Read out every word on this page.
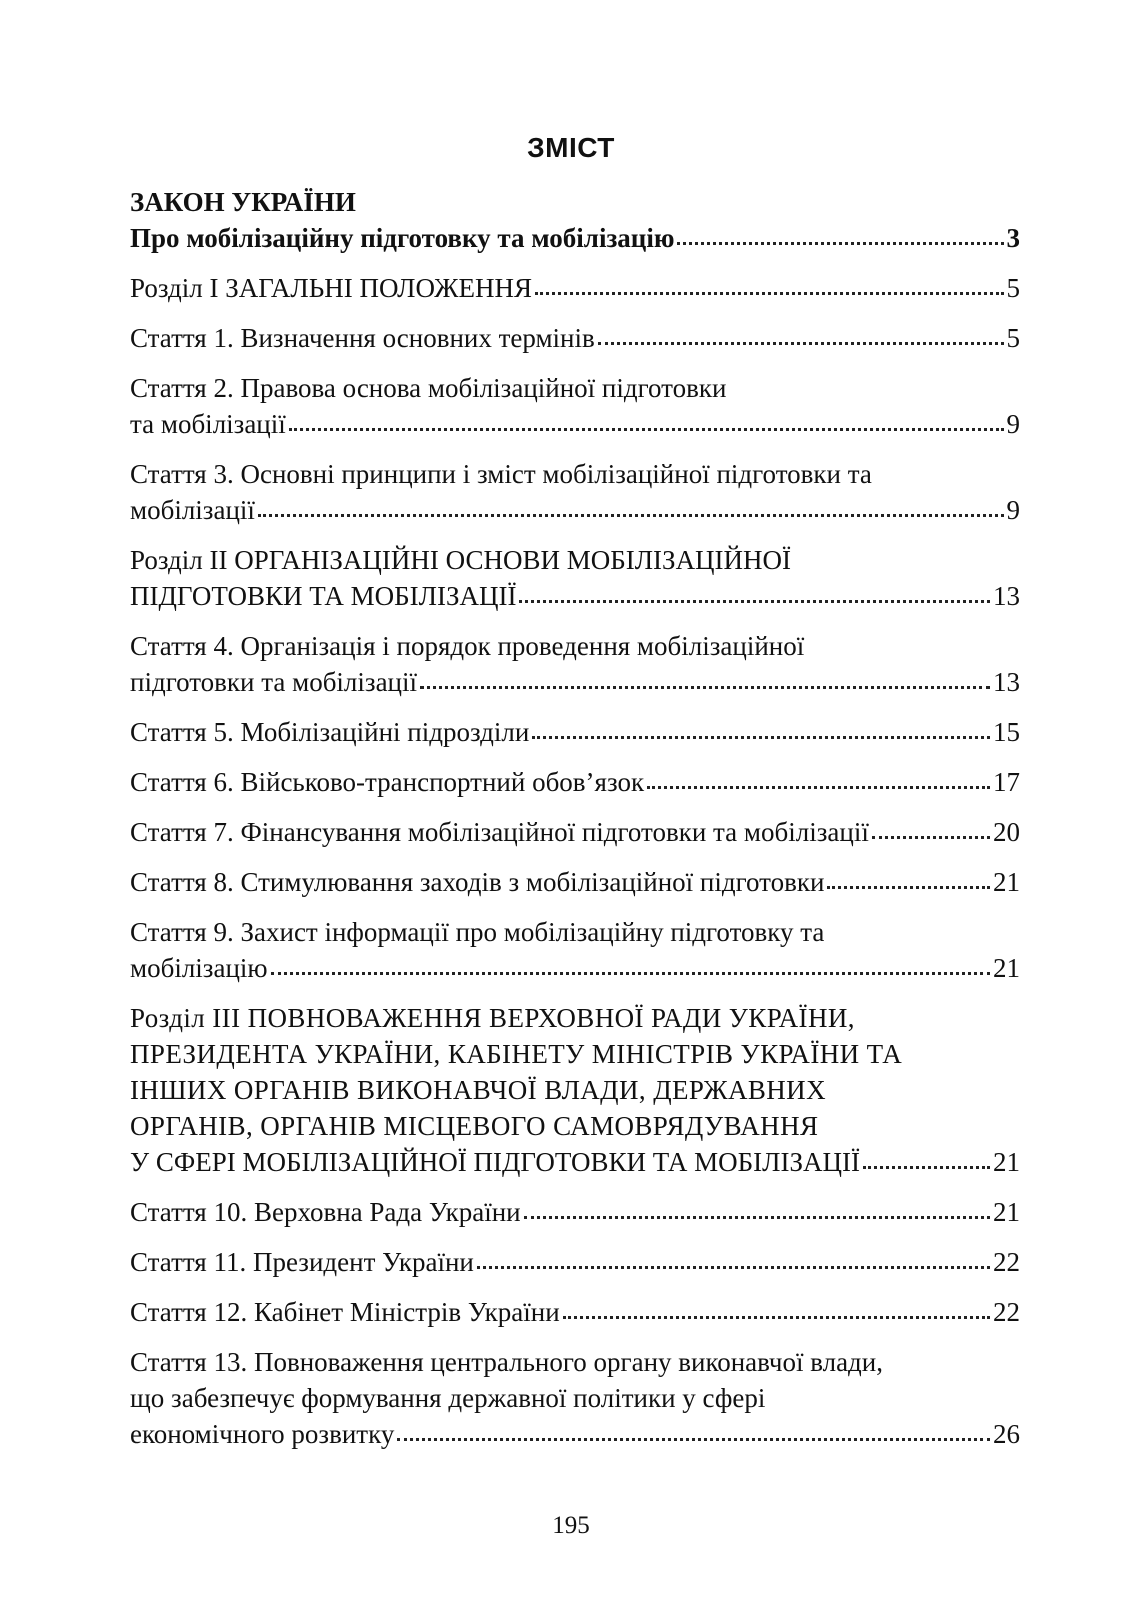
ЗМІСТ
ЗАКОН УКРАЇНИ
Про мобілізаційну підготовку та мобілізацію	3
Розділ I ЗАГАЛЬНІ ПОЛОЖЕННЯ	5
Стаття 1. Визначення основних термінів	5
Стаття 2. Правова основа мобілізаційної підготовки
та мобілізації	9
Стаття 3. Основні принципи і зміст мобілізаційної підготовки та
мобілізації	9
Розділ II ОРГАНІЗАЦІЙНІ ОСНОВИ МОБІЛІЗАЦІЙНОЇ
ПІДГОТОВКИ ТА МОБІЛІЗАЦІЇ	13
Стаття 4. Організація і порядок проведення мобілізаційної
підготовки та мобілізації	13
Стаття 5. Мобілізаційні підрозділи	15
Стаття 6. Військово-транспортний обов’язок	17
Стаття 7. Фінансування мобілізаційної підготовки та мобілізації	20
Стаття 8. Стимулювання заходів з мобілізаційної підготовки	21
Стаття 9. Захист інформації про мобілізаційну підготовку та
мобілізацію	21
Розділ III ПОВНОВАЖЕННЯ ВЕРХОВНОЇ РАДИ УКРАЇНИ,
ПРЕЗИДЕНТА УКРАЇНИ, КАБІНЕТУ МІНІСТРІВ УКРАЇНИ ТА
ІНШИХ ОРГАНІВ ВИКОНАВЧОЇ ВЛАДИ, ДЕРЖАВНИХ
ОРГАНІВ, ОРГАНІВ МІСЦЕВОГО САМОВРЯДУВАННЯ
У СФЕРІ МОБІЛІЗАЦІЙНОЇ ПІДГОТОВКИ ТА МОБІЛІЗАЦІЇ	21
Стаття 10. Верховна Рада України	21
Стаття 11. Президент України	22
Стаття 12. Кабінет Міністрів України	22
Стаття 13. Повноваження центрального органу виконавчої влади,
що забезпечує формування державної політики у сфері
економічного розвитку	26
195
